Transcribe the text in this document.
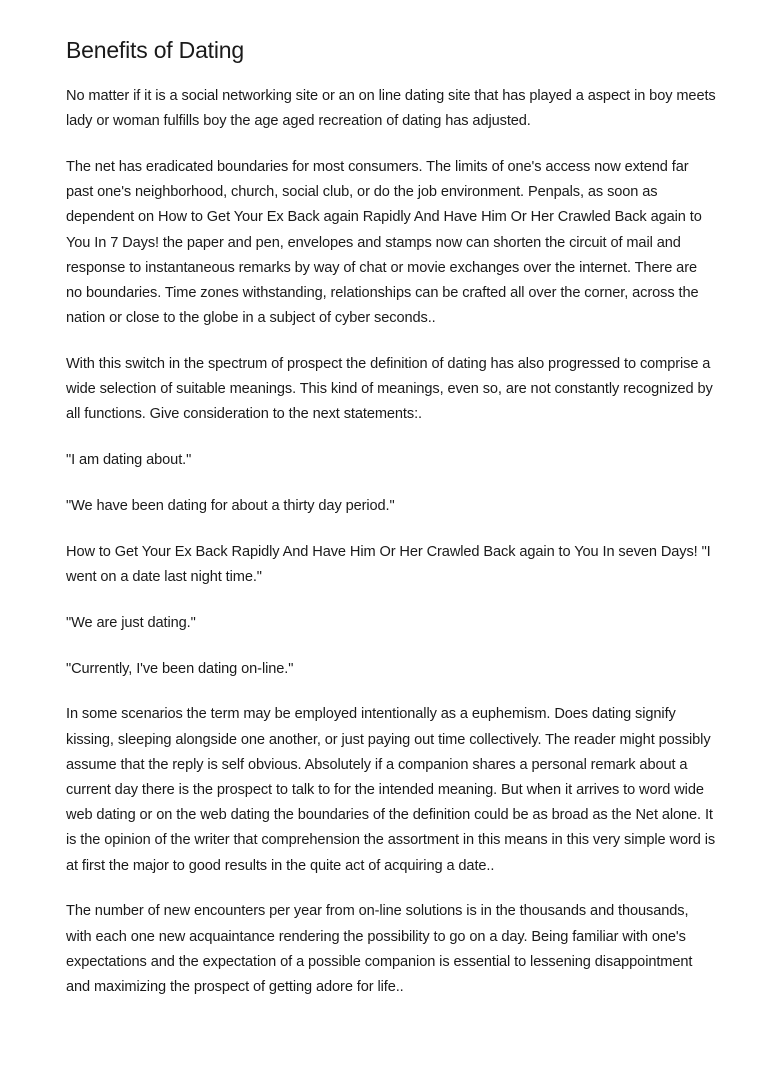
Benefits of Dating

No matter if it is a social networking site or an on line dating site that has played a aspect in boy meets lady or woman fulfills boy the age aged recreation of dating has adjusted.

The net has eradicated boundaries for most consumers. The limits of one's access now extend far past one's neighborhood, church, social club, or do the job environment. Penpals, as soon as dependent on How to Get Your Ex Back again Rapidly And Have Him Or Her Crawled Back again to You In 7 Days! the paper and pen, envelopes and stamps now can shorten the circuit of mail and response to instantaneous remarks by way of chat or movie exchanges over the internet. There are no boundaries. Time zones withstanding, relationships can be crafted all over the corner, across the nation or close to the globe in a subject of cyber seconds..

With this switch in the spectrum of prospect the definition of dating has also progressed to comprise a wide selection of suitable meanings. This kind of meanings, even so, are not constantly recognized by all functions. Give consideration to the next statements:.

"I am dating about."

"We have been dating for about a thirty day period."

How to Get Your Ex Back Rapidly And Have Him Or Her Crawled Back again to You In seven Days! "I went on a date last night time."

"We are just dating."

"Currently, I've been dating on-line."

In some scenarios the term may be employed intentionally as a euphemism. Does dating signify kissing, sleeping alongside one another, or just paying out time collectively. The reader might possibly assume that the reply is self obvious. Absolutely if a companion shares a personal remark about a current day there is the prospect to talk to for the intended meaning. But when it arrives to word wide web dating or on the web dating the boundaries of the definition could be as broad as the Net alone. It is the opinion of the writer that comprehension the assortment in this means in this very simple word is at first the major to good results in the quite act of acquiring a date..

The number of new encounters per year from on-line solutions is in the thousands and thousands, with each one new acquaintance rendering the possibility to go on a day. Being familiar with one's expectations and the expectation of a possible companion is essential to lessening disappointment and maximizing the prospect of getting adore for life..
